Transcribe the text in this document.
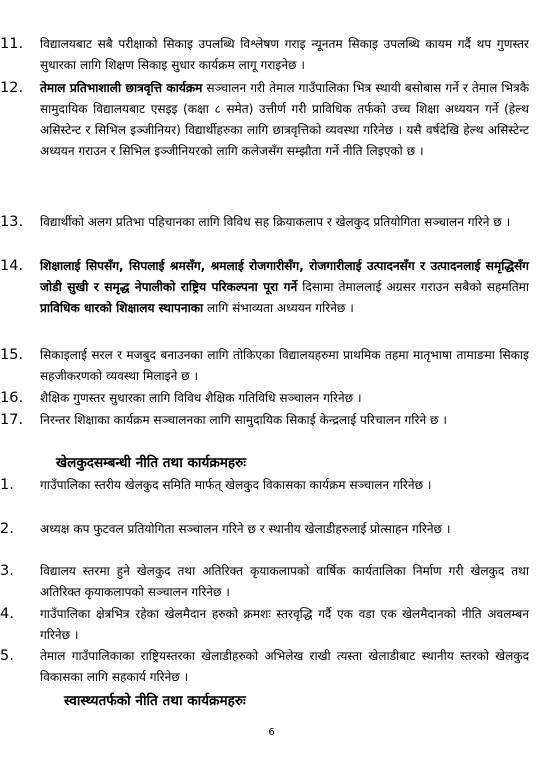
11. विद्यालयबाट सबै परीक्षाको सिकाइ उपलब्धि विश्लेषण गराइ न्यूनतम सिकाइ उपलब्धि कायम गर्दै थप गुणस्तर सुधारका लागि शिक्षण सिकाइ सुधार कार्यक्रम लागू गराइनेछ ।
12. तेमाल प्रतिभाशाली छात्रवृत्ति कार्यक्रम सञ्चालन गरी तेमाल गाउँपालिका भित्र स्थायी बसोबास गर्ने र तेमाल भित्रकै सामुदायिक विद्यालयबाट एसइइ (कक्षा ८ समेत) उत्तीर्ण गरी प्राविधिक तर्फको उच्च शिक्षा अध्ययन गर्ने (हेल्थ असिस्टेन्ट र सिभिल इञ्जीनियर) विद्यार्थीहरुका लागि छात्रवृत्तिको व्यवस्था गरिनेछ । यसै वर्षदेखि हेल्थ असिस्टेन्ट अध्ययन गराउन र सिभिल इञ्जीनियरको लागि कलेजसँग सम्झौता गर्ने नीति लिइएको छ ।
13. विद्यार्थीको अलग प्रतिभा पहिचानका लागि विविध सह क्रियाकलाप र खेलकुद प्रतियोगिता सञ्चालन गरिने छ ।
14. शिक्षालाई सिपसँग, सिपलाई श्रमसँग, श्रमलाई रोजगारीसँग, रोजगारीलाई उत्पादनसँग र उत्पादनलाई समृद्धिसँग जोडी सुखी र समृद्ध नेपालीको राष्ट्रिय परिकल्पना पूरा गर्ने दिसामा तेमाललाई अग्रसर गराउन सबैको सहमतिमा प्राविधिक धारको शिक्षालय स्थापनाका लागि संभाव्यता अध्ययन गरिनेछ ।
15. सिकाइलाई सरल र मजबुद बनाउनका लागि तोकिएका विद्यालयहरुमा प्राथमिक तहमा मातृभाषा तामाङमा सिकाइ सहजीकरणको व्यवस्था मिलाइने छ ।
16. शैक्षिक गुणस्तर सुधारका लागि विविध शैक्षिक गतिविधि सञ्चालन गरिनेछ ।
17. निरन्तर शिक्षाका कार्यक्रम सञ्चालनका लागि सामुदायिक सिकाई केन्द्रलाई परिचालन गरिने छ ।
खेलकुदसम्बन्धी नीति तथा कार्यक्रमहरुः
1. गाउँपालिका स्तरीय खेलकुद समिति मार्फत् खेलकुद विकासका कार्यक्रम सञ्चालन गरिनेछ ।
2. अध्यक्ष कप फुटवल प्रतियोगिता सञ्चालन गरिने छ र स्थानीय खेलाडीहरुलाई प्रोत्साहन गरिनेछ ।
3. विद्यालय स्तरमा हुने खेलकुद तथा अतिरिक्त कृयाकलापको वार्षिक कार्यतालिका निर्माण गरी खेलकुद तथा अतिरिक्त कृयाकलापको सञ्चालन गरिनेछ ।
4. गाउँपालिका क्षेत्रभित्र रहेका खेलमैदान हरुको क्रमशः स्तरवृद्धि गर्दै एक वडा एक खेलमैदानको नीति अवलम्बन गरिनेछ ।
5. तेमाल गाउँपालिकाका राष्ट्रियस्तरका खेलाडीहरुको अभिलेख राखी त्यस्ता खेलाडीबाट स्थानीय स्तरको खेलकुद विकासका लागि सहकार्य गरिनेछ ।
स्वास्थ्यतर्फको नीति तथा कार्यक्रमहरुः
6
